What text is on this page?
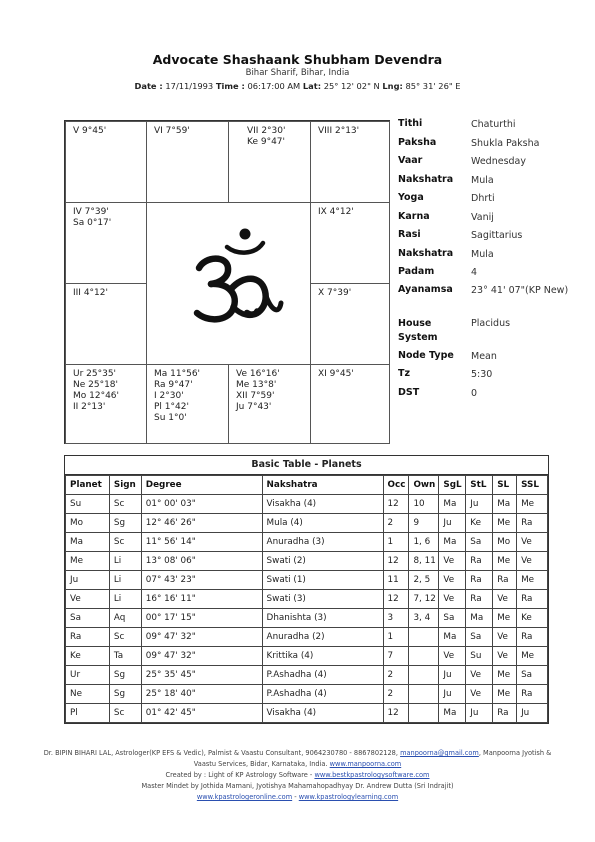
Advocate Shashaank Shubham Devendra
Bihar Sharif, Bihar, India
Date : 17/11/1993 Time : 06:17:00 AM Lat: 25° 12' 02" N Lng: 85° 31' 26" E
V 9°45'	VI 7°59'	VII 2°30'
Ke 9°47'
VIII 2°13'
IV 7°39'
Sa 0°17'
IX 4°12'
III 4°12'	X 7°39'
Ur 25°35'
Ne 25°18'
Mo 12°46'
II 2°13'
Ma 11°56'
Ra 9°47'
I 2°30'
Pl 1°42'
Su 1°0'
Ve 16°16'
Me 13°8'
XII 7°59'
Ju 7°43'
XI 9°45'
Tithi	Chaturthi
Paksha	Shukla Paksha
Vaar	Wednesday
Nakshatra Mula
Yoga	Dhrti
Karna	Vanij
Rasi	Sagittarius
Nakshatra Mula
Padam	4
Ayanamsa 23° 41' 07"(KP New)
House System
Placidus
Node Type Mean
Tz	5:30
DST	0
Basic Table - Planets
Planet	Sign	Degree	Nakshatra	Occ	Own	SgL	StL	SL	SSL
Su	Sc	01° 00' 03"	Visakha (4)	12	10	Ma	Ju	Ma	Me
Mo	Sg	12° 46' 26"	Mula (4)	2	9	Ju	Ke	Me	Ra
Ma	Sc	11° 56' 14"	Anuradha (3)	1	1, 6	Ma	Sa	Mo	Ve
Me	Li	13° 08' 06"	Swati (2)	12	8, 11	Ve	Ra	Me	Ve
Ju	Li	07° 43' 23"	Swati (1)	11	2, 5	Ve	Ra	Ra	Me
Ve	Li	16° 16' 11"	Swati (3)	12	7, 12	Ve	Ra	Ve	Ra
Sa	Aq	00° 17' 15"	Dhanishta (3)	3	3, 4	Sa	Ma	Me	Ke
Ra	Sc	09° 47' 32"	Anuradha (2)	1		Ma	Sa	Ve	Ra
Ke	Ta	09° 47' 32"	Krittika (4)	7		Ve	Su	Ve	Me
Ur	Sg	25° 35' 45"	P.Ashadha (4)	2		Ju	Ve	Me	Sa
Ne	Sg	25° 18' 40"	P.Ashadha (4)	2		Ju	Ve	Me	Ra
Pl	Sc	01° 42' 45"	Visakha (4)	12		Ma	Ju	Ra	Ju
Dr. BIPIN BIHARI LAL, Astrologer(KP EFS & Vedic), Palmist & Vaastu Consultant, 9064230780 - 8867802128, manpoorna@gmail.com, Manpoorna Jyotish &
Vaastu Services, Bidar, Karnataka, India. www.manpoorna.com
Created by : Light of KP Astrology Software - www.bestkpastrologysoftware.com
Master Mindet by Jothida Mamani, Jyotishya Mahamahopadhyay Dr. Andrew Dutta (Sri Indrajit)
www.kpastrologeronline.com - www.kpastrologylearning.com
